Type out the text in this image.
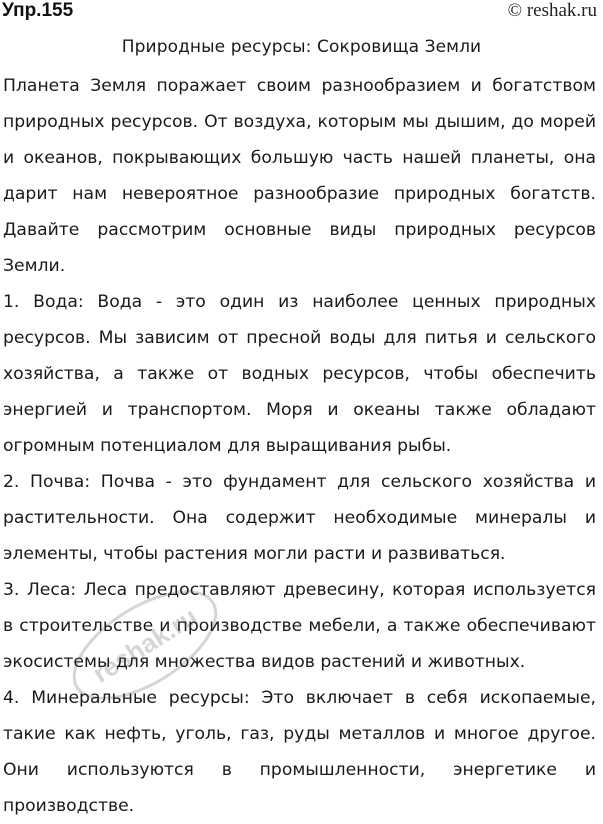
Упр.155	© reshak.ru
Природные ресурсы: Сокровища Земли

Планета Земля поражает своим разнообразием и богатством природных ресурсов. От воздуха, которым мы дышим, до морей и океанов, покрывающих большую часть нашей планеты, она дарит нам невероятное разнообразие природных богатств. Давайте рассмотрим основные виды природных ресурсов Земли.

1. Вода: Вода - это один из наиболее ценных природных ресурсов. Мы зависим от пресной воды для питья и сельского хозяйства, а также от водных ресурсов, чтобы обеспечить энергией и транспортом. Моря и океаны также обладают огромным потенциалом для выращивания рыбы.

2. Почва: Почва - это фундамент для сельского хозяйства и растительности. Она содержит необходимые минералы и элементы, чтобы растения могли расти и развиваться.

3. Леса: Леса предоставляют древесину, которая используется в строительстве и производстве мебели, а также обеспечивают экосистемы для множества видов растений и животных.

4. Минеральные ресурсы: Это включает в себя ископаемые, такие как нефть, уголь, газ, руды металлов и многое другое. Они используются в промышленности, энергетике и производстве.

reshak.ru
